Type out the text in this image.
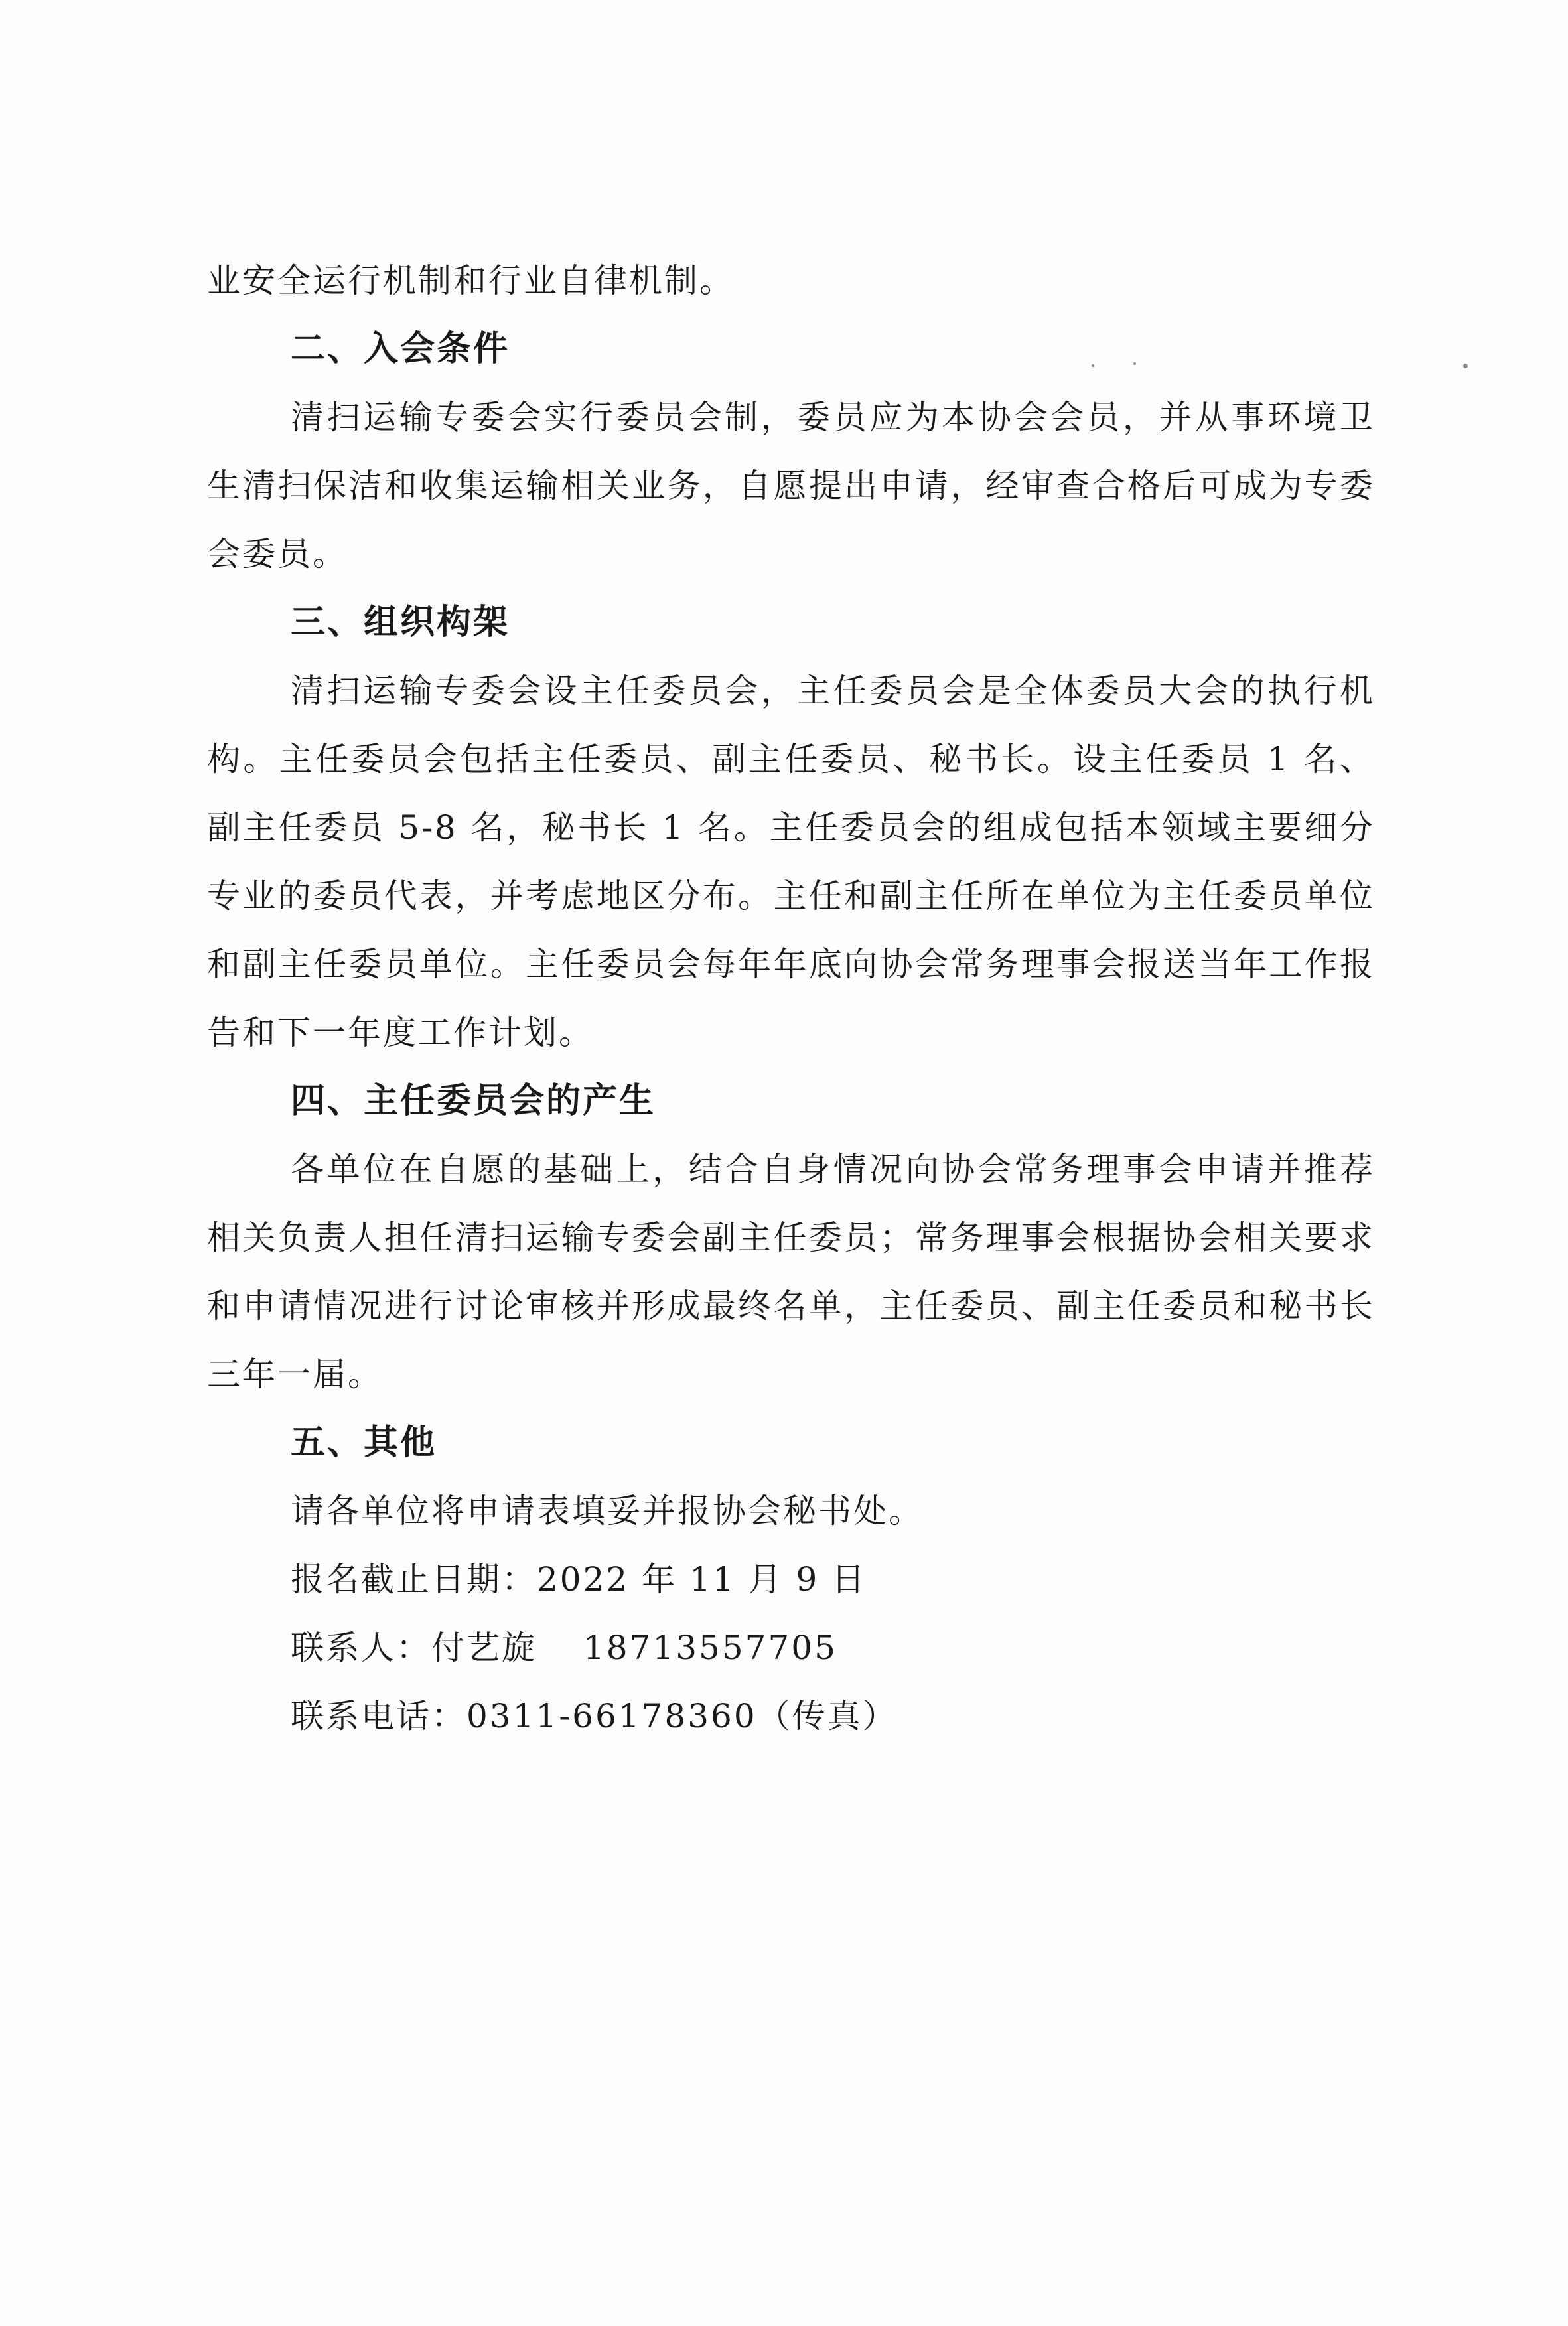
业安全运行机制和行业自律机制。

二、入会条件

清扫运输专委会实行委员会制，委员应为本协会会员，并从事环境卫生清扫保洁和收集运输相关业务，自愿提出申请，经审查合格后可成为专委会委员。

三、组织构架

清扫运输专委会设主任委员会，主任委员会是全体委员大会的执行机构。主任委员会包括主任委员、副主任委员、秘书长。设主任委员 1 名、副主任委员 5-8 名，秘书长 1 名。主任委员会的组成包括本领域主要细分专业的委员代表，并考虑地区分布。主任和副主任所在单位为主任委员单位和副主任委员单位。主任委员会每年年底向协会常务理事会报送当年工作报告和下一年度工作计划。

四、主任委员会的产生

各单位在自愿的基础上，结合自身情况向协会常务理事会申请并推荐相关负责人担任清扫运输专委会副主任委员；常务理事会根据协会相关要求和申请情况进行讨论审核并形成最终名单，主任委员、副主任委员和秘书长三年一届。

五、其他

请各单位将申请表填妥并报协会秘书处。

报名截止日期：2022 年 11 月 9 日
联系人：付艺旋 18713557705
联系电话：0311-66178360（传真）
